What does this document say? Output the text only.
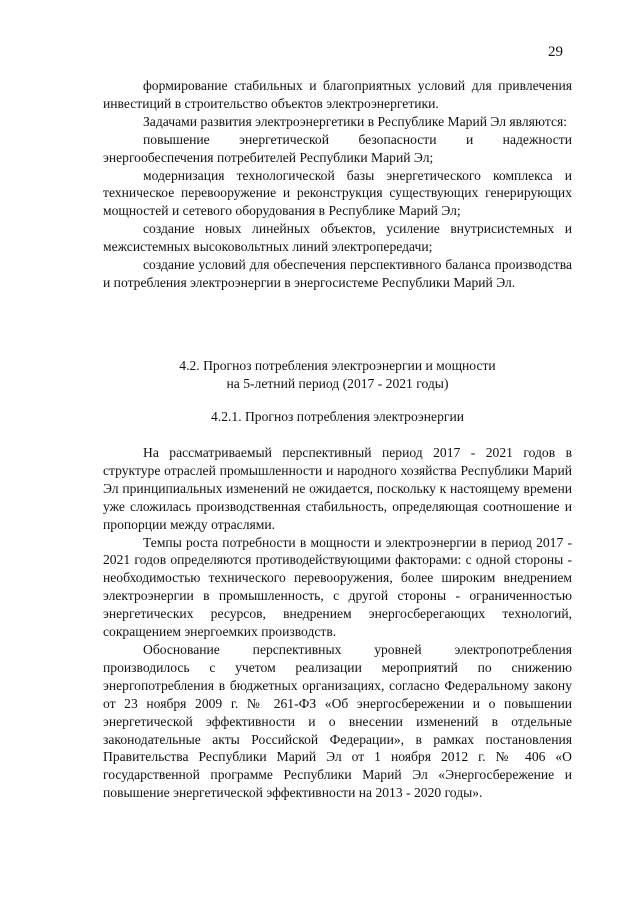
29

формирование стабильных и благоприятных условий для привлечения инвестиций в строительство объектов электроэнергетики.

Задачами развития электроэнергетики в Республике Марий Эл являются:

повышение энергетической безопасности и надежности энергообеспечения потребителей Республики Марий Эл;

модернизация технологической базы энергетического комплекса и техническое перевооружение и реконструкция существующих генерирующих мощностей и сетевого оборудования в Республике Марий Эл;

создание новых линейных объектов, усиление внутрисистемных и межсистемных высоковольтных линий электропередачи;

создание условий для обеспечения перспективного баланса производства и потребления электроэнергии в энергосистеме Республики Марий Эл.

4.2. Прогноз потребления электроэнергии и мощности
на 5-летний период (2017 - 2021 годы)

4.2.1. Прогноз потребления электроэнергии

На рассматриваемый перспективный период 2017 - 2021 годов в структуре отраслей промышленности и народного хозяйства Республики Марий Эл принципиальных изменений не ожидается, поскольку к настоящему времени уже сложилась производственная стабильность, определяющая соотношение и пропорции между отраслями.

Темпы роста потребности в мощности и электроэнергии в период 2017 - 2021 годов определяются противодействующими факторами: с одной стороны - необходимостью технического перевооружения, более широким внедрением электроэнергии в промышленность, с другой стороны - ограниченностью энергетических ресурсов, внедрением энергосберегающих технологий, сокращением энергоемких производств.

Обоснование перспективных уровней электропотребления производилось с учетом реализации мероприятий по снижению энергопотребления в бюджетных организациях, согласно Федеральному закону от 23 ноября 2009 г. № 261-ФЗ «Об энергосбережении и о повышении энергетической эффективности и о внесении изменений в отдельные законодательные акты Российской Федерации», в рамках постановления Правительства Республики Марий Эл от 1 ноября 2012 г. № 406 «О государственной программе Республики Марий Эл «Энергосбережение и повышение энергетической эффективности на 2013 - 2020 годы».
